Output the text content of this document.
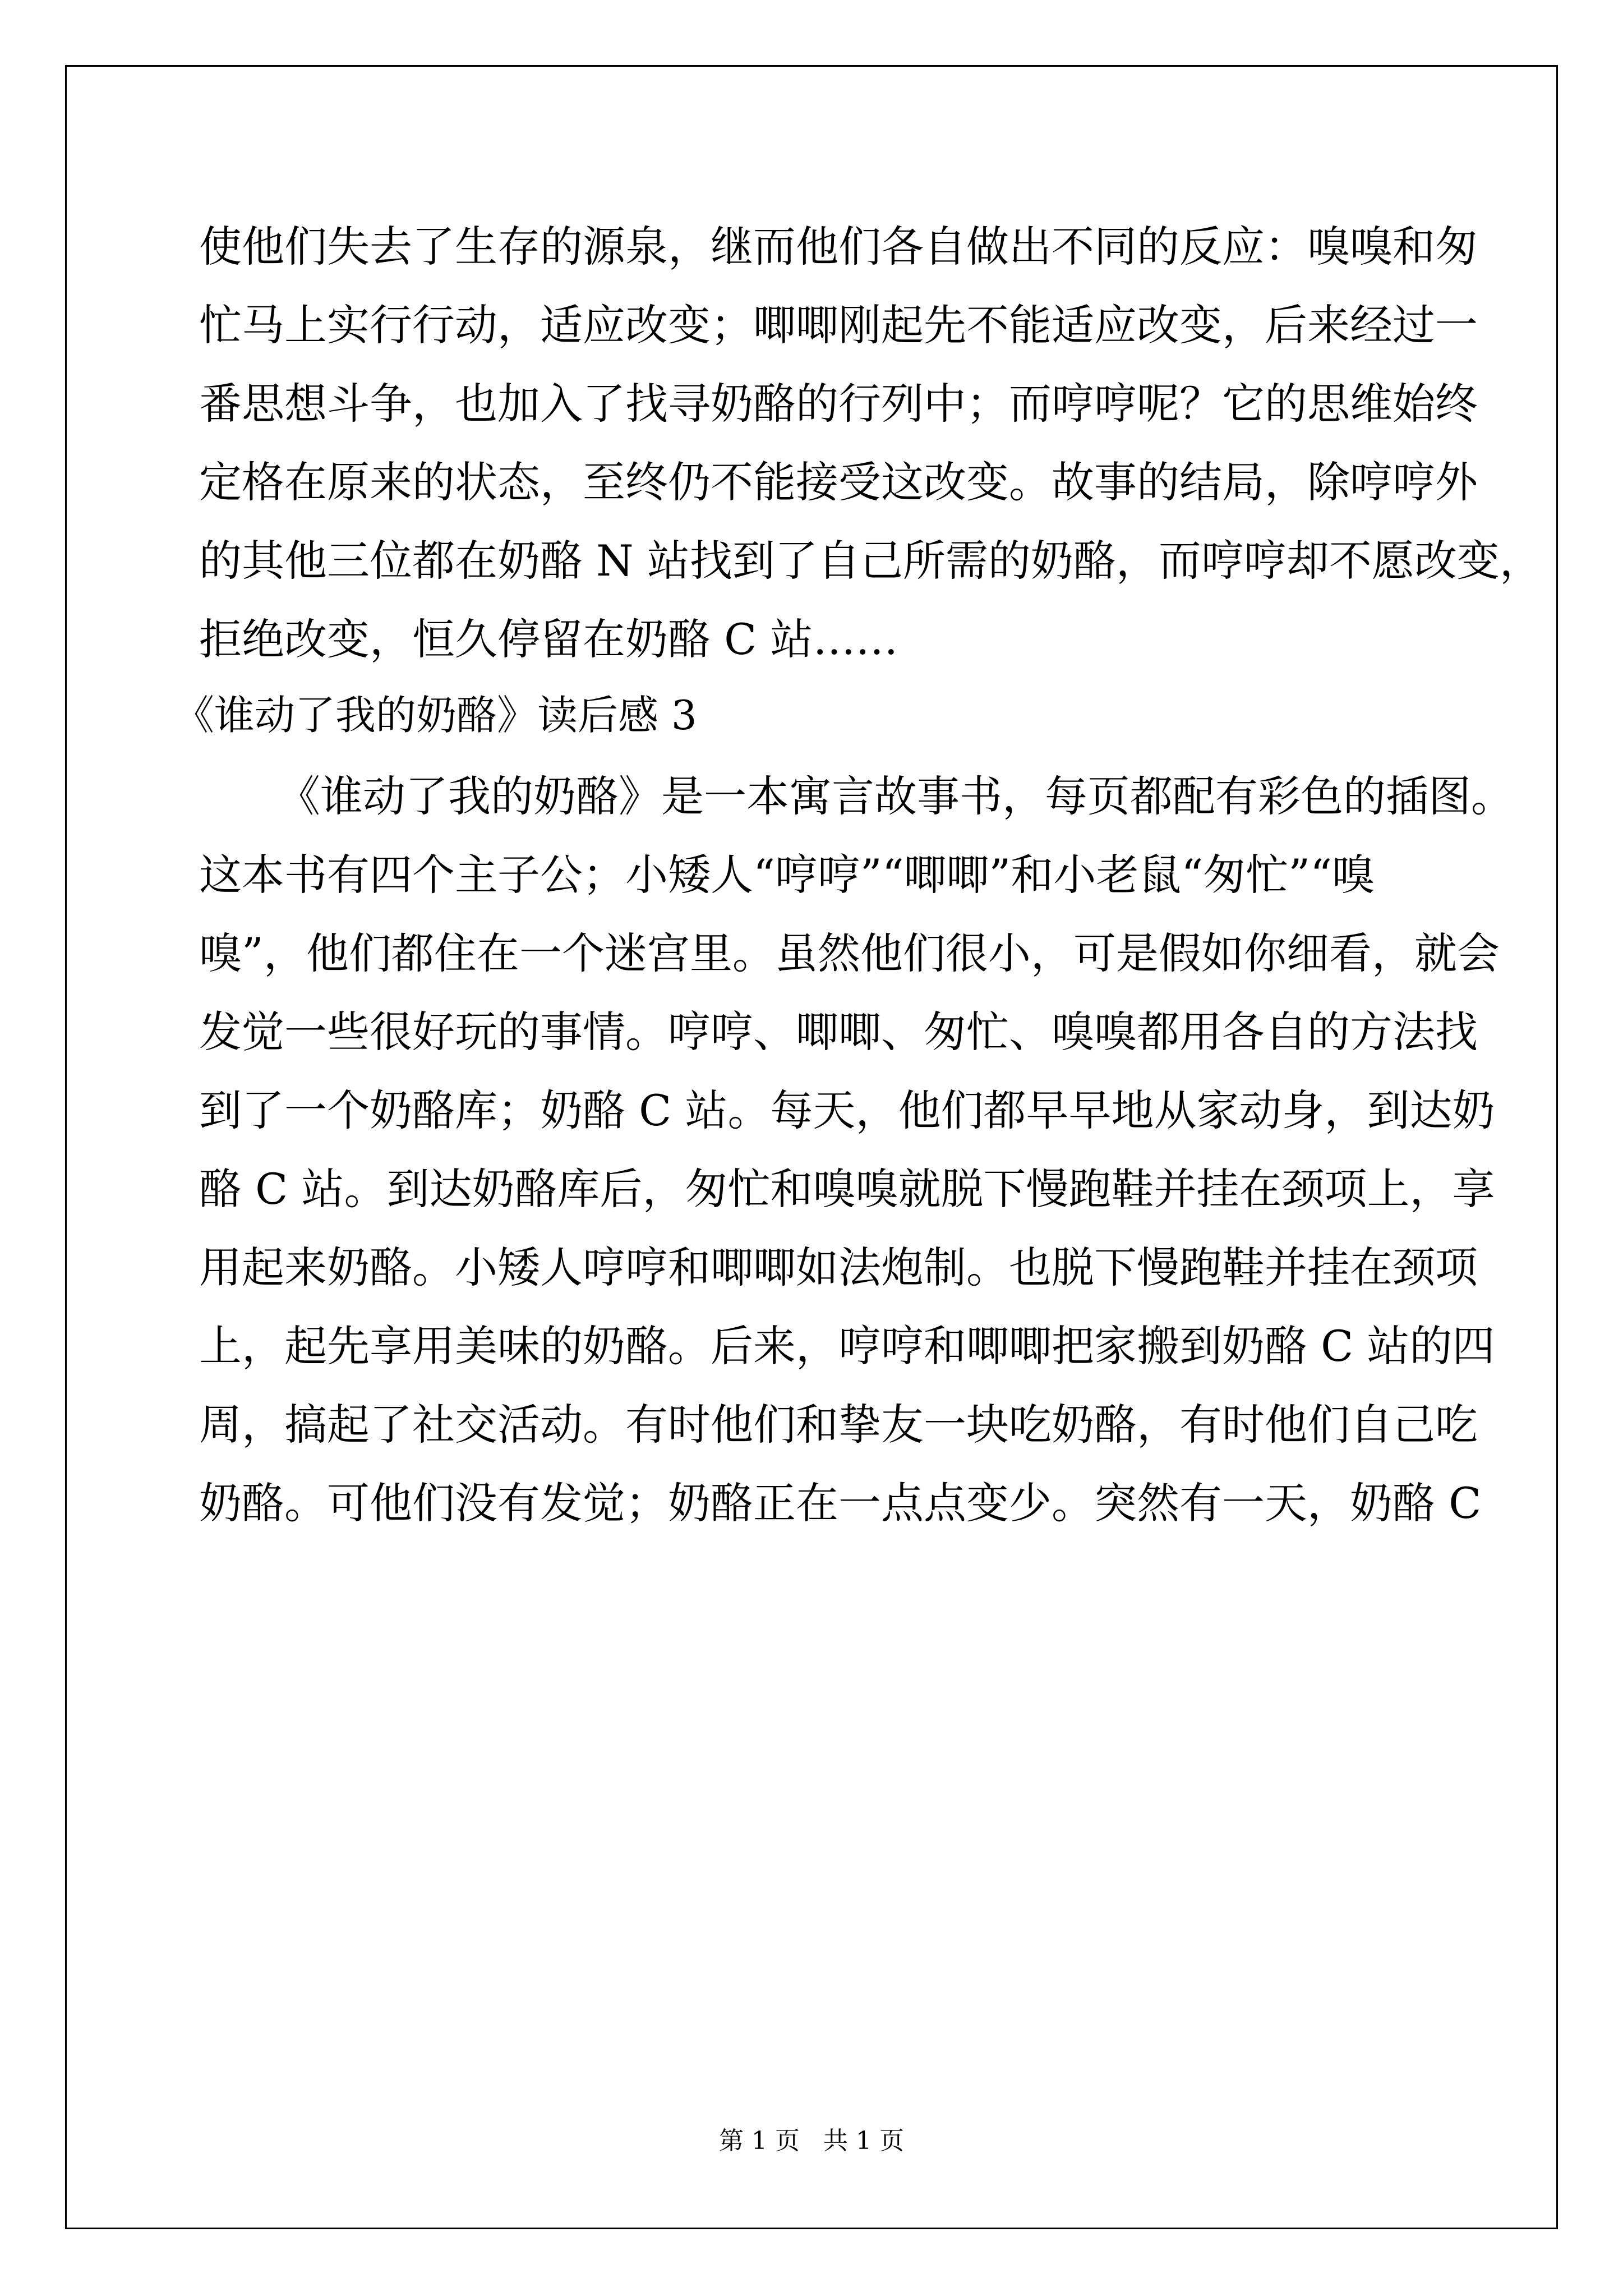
使他们失去了生存的源泉，继而他们各自做出不同的反应：嗅嗅和匆
忙马上实行行动，适应改变；唧唧刚起先不能适应改变，后来经过一
番思想斗争，也加入了找寻奶酪的行列中；而哼哼呢？它的思维始终
定格在原来的状态，至终仍不能接受这改变。故事的结局，除哼哼外
的其他三位都在奶酪 N 站找到了自己所需的奶酪，而哼哼却不愿改变，
拒绝改变，恒久停留在奶酪 C 站……
《谁动了我的奶酪》读后感 3
《谁动了我的奶酪》是一本寓言故事书，每页都配有彩色的插图。
这本书有四个主子公；小矮人“哼哼”“唧唧”和小老鼠“匆忙”“嗅
嗅”，他们都住在一个迷宫里。虽然他们很小，可是假如你细看，就会
发觉一些很好玩的事情。哼哼、唧唧、匆忙、嗅嗅都用各自的方法找
到了一个奶酪库；奶酪 C 站。每天，他们都早早地从家动身，到达奶
酪 C 站。到达奶酪库后，匆忙和嗅嗅就脱下慢跑鞋并挂在颈项上，享
用起来奶酪。小矮人哼哼和唧唧如法炮制。也脱下慢跑鞋并挂在颈项
上，起先享用美味的奶酪。后来，哼哼和唧唧把家搬到奶酪 C 站的四
周，搞起了社交活动。有时他们和挚友一块吃奶酪，有时他们自己吃
奶酪。可他们没有发觉；奶酪正在一点点变少。突然有一天，奶酪 C
第 1 页   共 1 页
